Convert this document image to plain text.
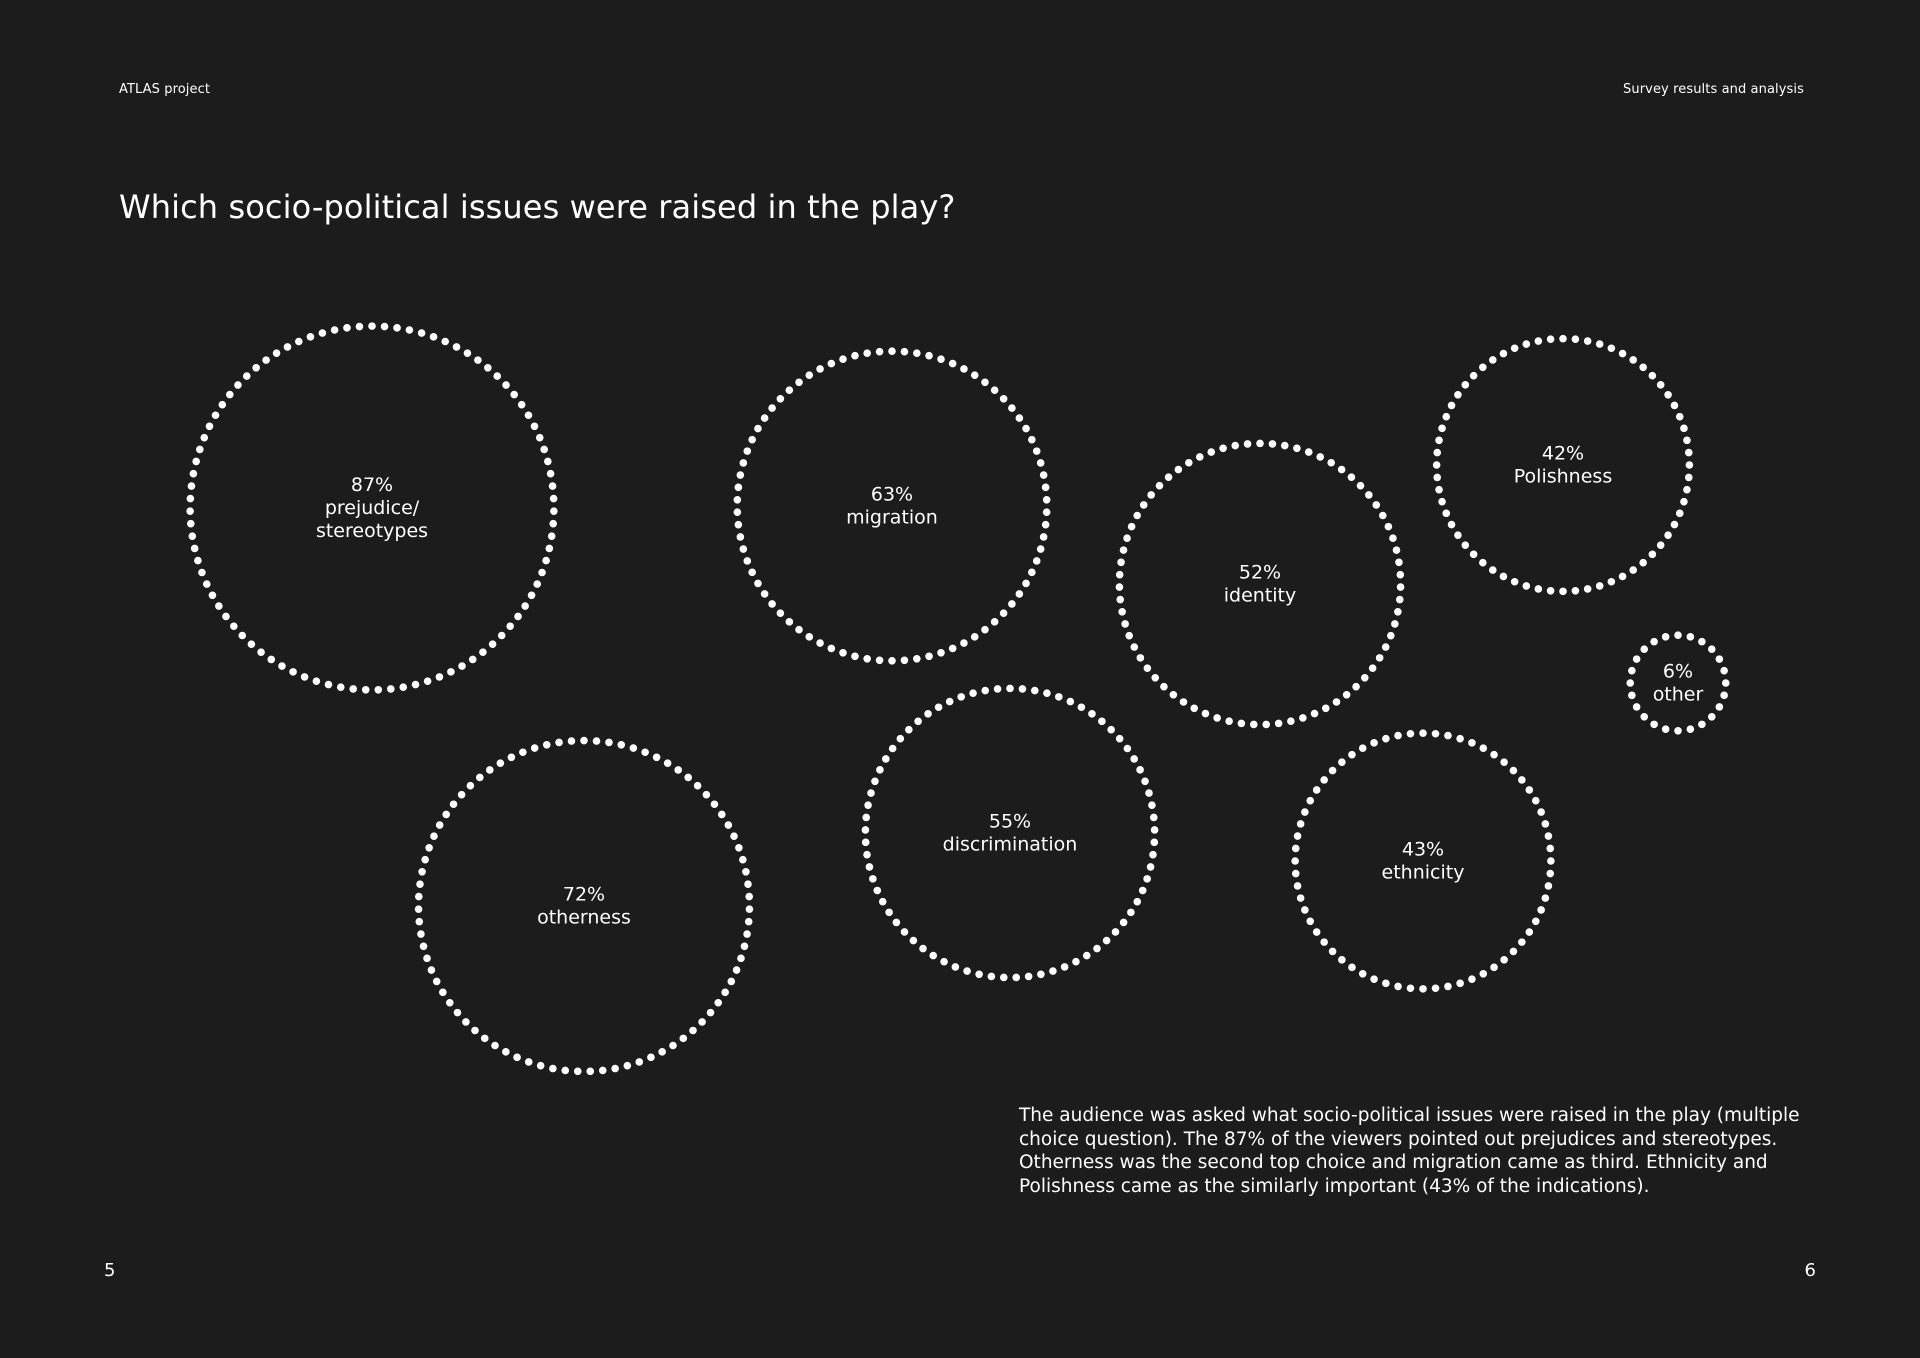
ATLAS project	Survey results and analysis
Which socio-political issues were raised in the play?
87% prejudice/ stereotypes
72% otherness
63% migration
55% discrimination
52% identity
43% ethnicity
42% Polishness
6% other

The audience was asked what socio-political issues were raised in the play (multiple choice question). The 87% of the viewers pointed out prejudices and stereotypes. Otherness was the second top choice and migration came as third. Ethnicity and Polishness came as the similarly important (43% of the indications).

5	6
